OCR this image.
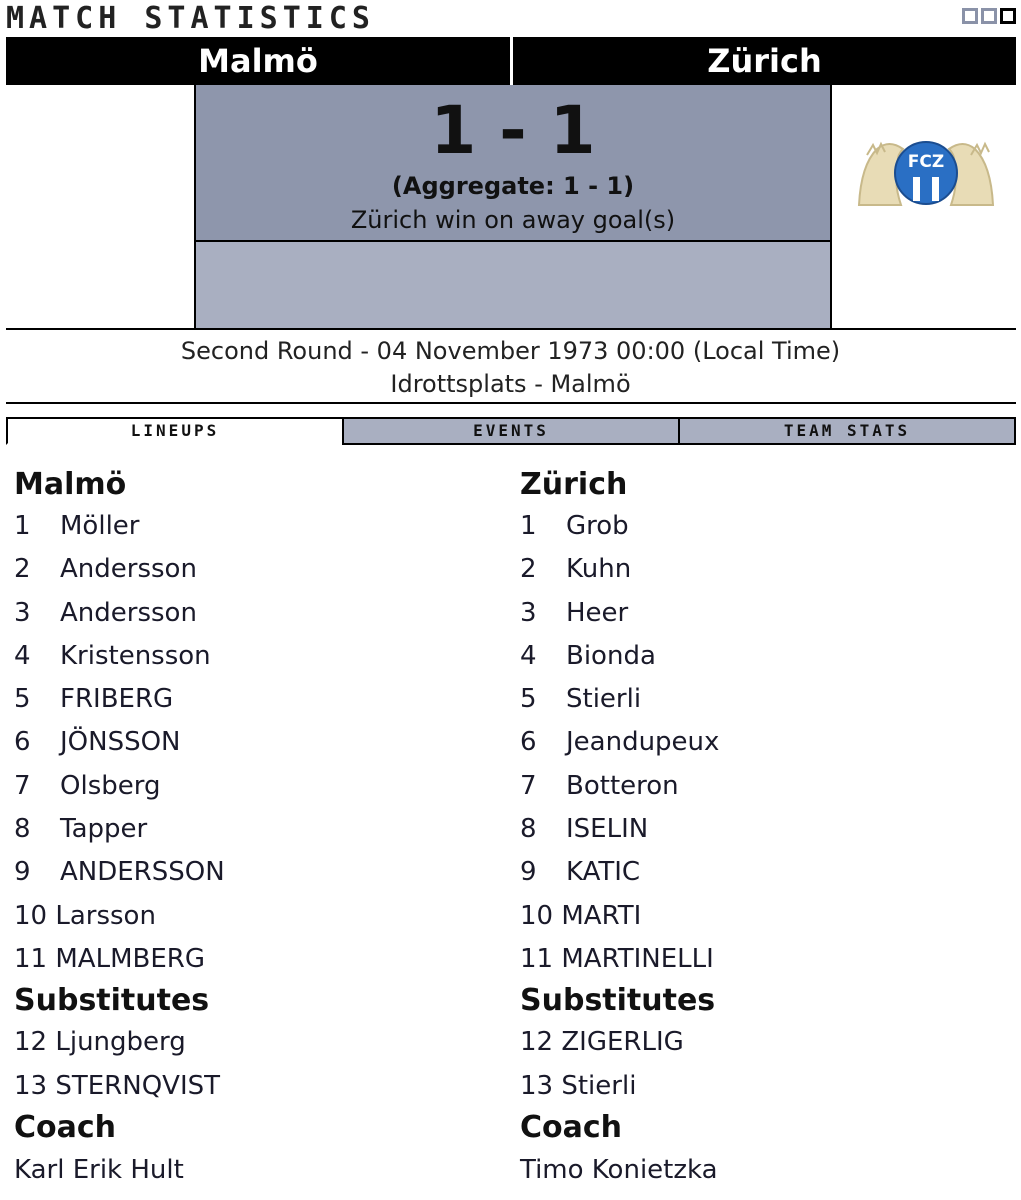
MATCH STATISTICS
Malmö	Zürich
1 - 1
(Aggregate: 1 - 1)
Zürich win on away goal(s)
FCZ
Second Round - 04 November 1973 00:00 (Local Time)
Idrottsplats - Malmö
LINEUPS	EVENTS	TEAM STATS
Malmö
1 Möller
2 Andersson
3 Andersson
4 Kristensson
5 FRIBERG
6 JÖNSSON
7 Olsberg
8 Tapper
9 ANDERSSON
10 Larsson
11 MALMBERG
Substitutes
12 Ljungberg
13 STERNQVIST
Coach
Karl Erik Hult
Zürich
1 Grob
2 Kuhn
3 Heer
4 Bionda
5 Stierli
6 Jeandupeux
7 Botteron
8 ISELIN
9 KATIC
10 MARTI
11 MARTINELLI
Substitutes
12 ZIGERLIG
13 Stierli
Coach
Timo Konietzka
